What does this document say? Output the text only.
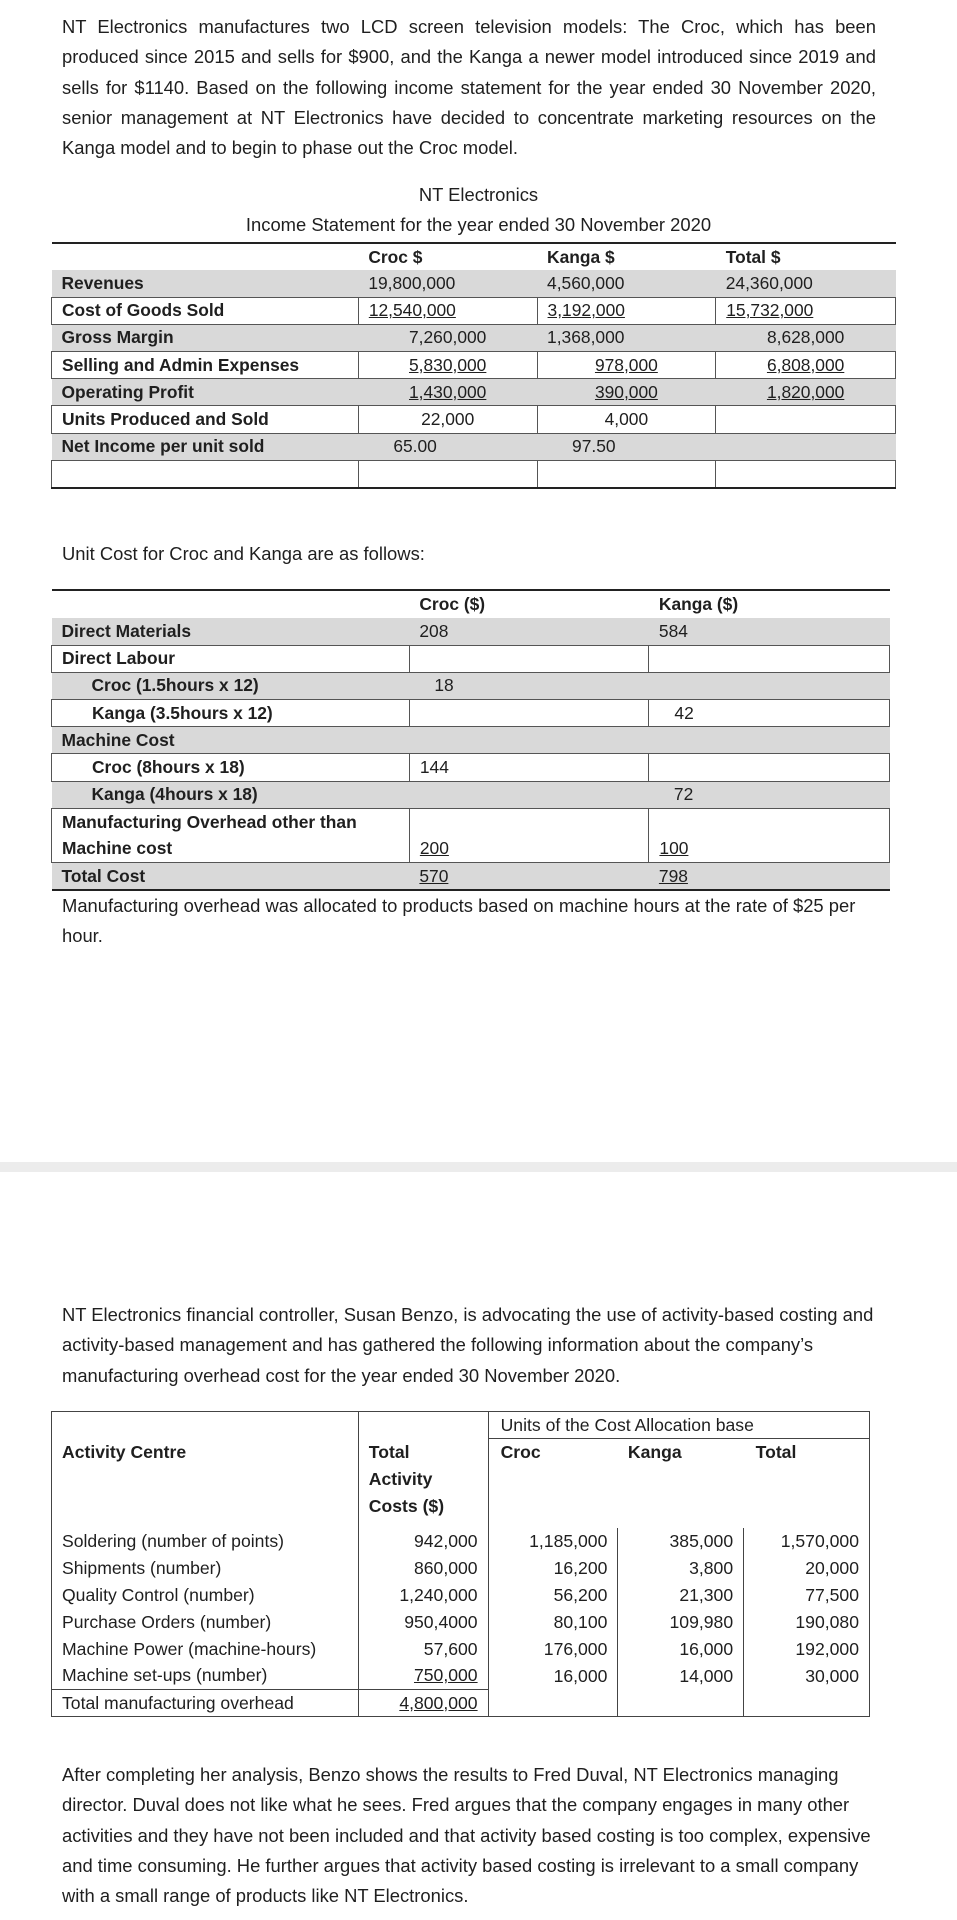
NT Electronics manufactures two LCD screen television models: The Croc, which has been produced since 2015 and sells for $900, and the Kanga a newer model introduced since 2019 and sells for $1140. Based on the following income statement for the year ended 30 November 2020, senior management at NT Electronics have decided to concentrate marketing resources on the Kanga model and to begin to phase out the Croc model.

NT Electronics
Income Statement for the year ended 30 November 2020
	Croc $	Kanga $	Total $
Revenues	19,800,000	4,560,000	24,360,000
Cost of Goods Sold	12,540,000	3,192,000	15,732,000
Gross Margin	7,260,000	1,368,000	8,628,000
Selling and Admin Expenses	5,830,000	978,000	6,808,000
Operating Profit	1,430,000	390,000	1,820,000
Units Produced and Sold	22,000	4,000	
Net Income per unit sold	65.00	97.50	

Unit Cost for Croc and Kanga are as follows:
	Croc ($)	Kanga ($)
Direct Materials	208	584
Direct Labour		
Croc (1.5hours x 12)	18	
Kanga (3.5hours x 12)		42
Machine Cost		
Croc (8hours x 18)	144	
Kanga (4hours x 18)		72
Manufacturing Overhead other than		
Machine cost	200	100
Total Cost	570	798

Manufacturing overhead was allocated to products based on machine hours at the rate of $25 per hour.

NT Electronics financial controller, Susan Benzo, is advocating the use of activity-based costing and activity-based management and has gathered the following information about the company’s manufacturing overhead cost for the year ended 30 November 2020.

		Units of the Cost Allocation base		
Activity Centre	Total	Croc	Kanga	Total
	Activity			
	Costs ($)			

Soldering (number of points)	942,000	1,185,000	385,000	1,570,000
Shipments (number)	860,000	16,200	3,800	20,000
Quality Control (number)	1,240,000	56,200	21,300	77,500
Purchase Orders (number)	950,4000	80,100	109,980	190,080
Machine Power (machine-hours)	57,600	176,000	16,000	192,000
Machine set-ups (number)	750,000	16,000	14,000	30,000
Total manufacturing overhead	4,800,000			

After completing her analysis, Benzo shows the results to Fred Duval, NT Electronics managing director. Duval does not like what he sees. Fred argues that the company engages in many other activities and they have not been included and that activity based costing is too complex, expensive and time consuming. He further argues that activity based costing is irrelevant to a small company with a small range of products like NT Electronics.
